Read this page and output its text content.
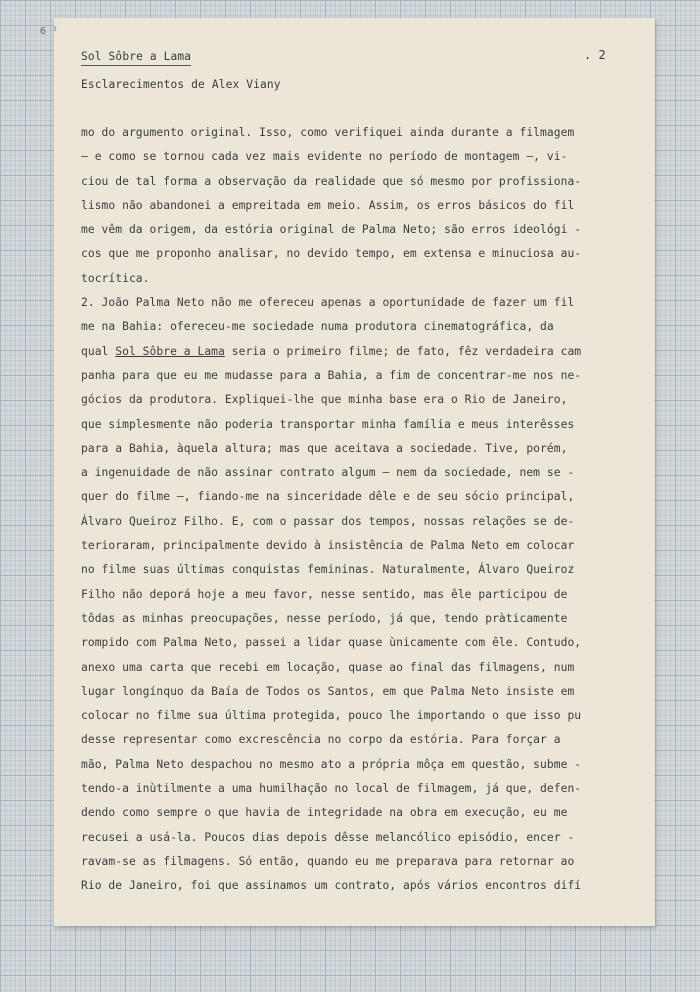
6 ¹
Sol Sôbre a Lama
Esclarecimentos de Alex Viany
. 2
mo do argumento original. Isso, como verifiquei ainda durante a filmagem
— e como se tornou cada vez mais evidente no período de montagem —, vi-
ciou de tal forma a observação da realidade que só mesmo por profissiona-
lismo não abandonei a empreitada em meio. Assim, os erros básicos do fil
me vêm da origem, da estória original de Palma Neto; são erros ideológi -
cos que me proponho analisar, no devido tempo, em extensa e minuciosa au-
tocrítica.
2. João Palma Neto não me ofereceu apenas a oportunidade de fazer um fil
me na Bahia: ofereceu-me sociedade numa produtora cinematográfica, da
qual Sol Sôbre a Lama seria o primeiro filme; de fato, fêz verdadeira cam
panha para que eu me mudasse para a Bahia, a fim de concentrar-me nos ne-
gócios da produtora. Expliquei-lhe que minha base era o Rio de Janeiro,
que simplesmente não poderia transportar minha família e meus interêsses
para a Bahia, àquela altura; mas que aceitava a sociedade. Tive, porém,
a ingenuidade de não assinar contrato algum — nem da sociedade, nem se -
quer do filme —, fiando-me na sinceridade dêle e de seu sócio principal,
Álvaro Queiroz Filho. E, com o passar dos tempos, nossas relações se de-
terioraram, principalmente devido à insistência de Palma Neto em colocar
no filme suas últimas conquistas femininas. Naturalmente, Álvaro Queiroz
Filho não deporá hoje a meu favor, nesse sentido, mas êle participou de
tôdas as minhas preocupações, nesse período, já que, tendo pràticamente
rompido com Palma Neto, passei a lidar quase ùnicamente com êle. Contudo,
anexo uma carta que recebi em locação, quase ao final das filmagens, num
lugar longínquo da Baía de Todos os Santos, em que Palma Neto insiste em
colocar no filme sua última protegida, pouco lhe importando o que isso pu
desse representar como excrescência no corpo da estória. Para forçar a
mão, Palma Neto despachou no mesmo ato a própria môça em questão, subme -
tendo-a inùtilmente a uma humilhação no local de filmagem, já que, defen-
dendo como sempre o que havia de integridade na obra em execução, eu me
recusei a usá-la. Poucos dias depois dêsse melancólico episódio, encer -
ravam-se as filmagens. Só então, quando eu me preparava para retornar ao
Rio de Janeiro, foi que assinamos um contrato, após vários encontros difí
